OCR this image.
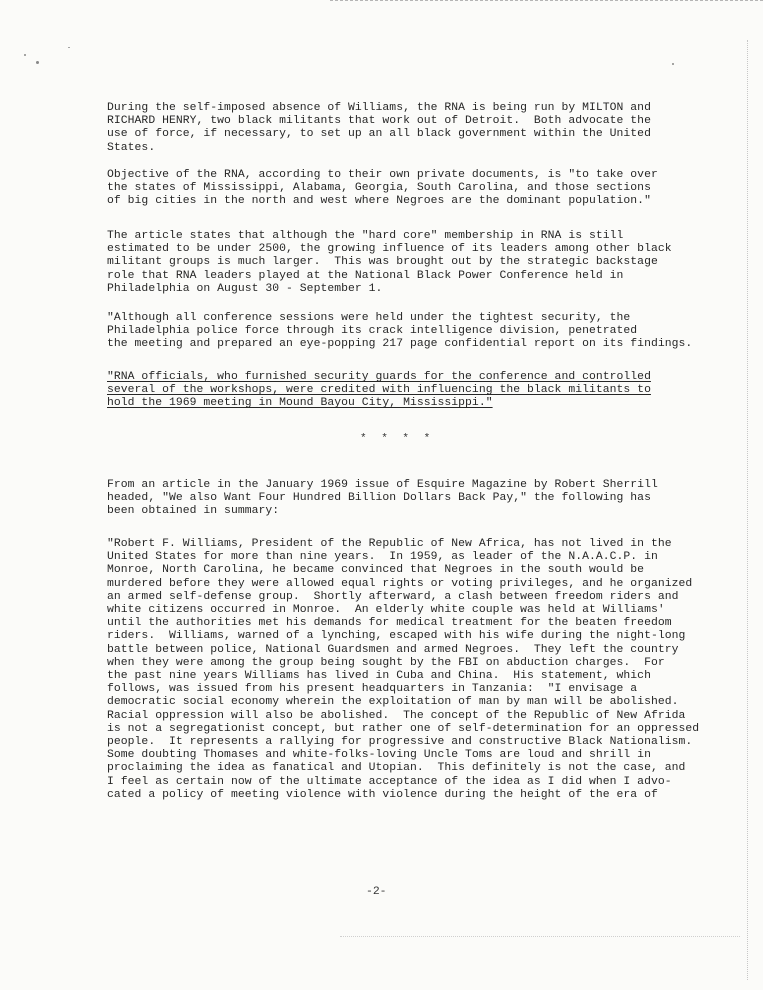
During the self-imposed absence of Williams, the RNA is being run by MILTON and
RICHARD HENRY, two black militants that work out of Detroit.  Both advocate the
use of force, if necessary, to set up an all black government within the United
States.
Objective of the RNA, according to their own private documents, is "to take over
the states of Mississippi, Alabama, Georgia, South Carolina, and those sections
of big cities in the north and west where Negroes are the dominant population."
The article states that although the "hard core" membership in RNA is still
estimated to be under 2500, the growing influence of its leaders among other black
militant groups is much larger.  This was brought out by the strategic backstage
role that RNA leaders played at the National Black Power Conference held in
Philadelphia on August 30 - September 1.
"Although all conference sessions were held under the tightest security, the
Philadelphia police force through its crack intelligence division, penetrated
the meeting and prepared an eye-popping 217 page confidential report on its findings.
"RNA officials, who furnished security guards for the conference and controlled
several of the workshops, were credited with influencing the black militants to
hold the 1969 meeting in Mound Bayou City, Mississippi."
* * * *
From an article in the January 1969 issue of Esquire Magazine by Robert Sherrill
headed, "We also Want Four Hundred Billion Dollars Back Pay," the following has
been obtained in summary:
"Robert F. Williams, President of the Republic of New Africa, has not lived in the
United States for more than nine years.  In 1959, as leader of the N.A.A.C.P. in
Monroe, North Carolina, he became convinced that Negroes in the south would be
murdered before they were allowed equal rights or voting privileges, and he organized
an armed self-defense group.  Shortly afterward, a clash between freedom riders and
white citizens occurred in Monroe.  An elderly white couple was held at Williams'
until the authorities met his demands for medical treatment for the beaten freedom
riders.  Williams, warned of a lynching, escaped with his wife during the night-long
battle between police, National Guardsmen and armed Negroes.  They left the country
when they were among the group being sought by the FBI on abduction charges.  For
the past nine years Williams has lived in Cuba and China.  His statement, which
follows, was issued from his present headquarters in Tanzania:  "I envisage a
democratic social economy wherein the exploitation of man by man will be abolished.
Racial oppression will also be abolished.  The concept of the Republic of New Afrida
is not a segregationist concept, but rather one of self-determination for an oppressed
people.  It represents a rallying for progressive and constructive Black Nationalism.
Some doubting Thomases and white-folks-loving Uncle Toms are loud and shrill in
proclaiming the idea as fanatical and Utopian.  This definitely is not the case, and
I feel as certain now of the ultimate acceptance of the idea as I did when I advo-
cated a policy of meeting violence with violence during the height of the era of
-2-
